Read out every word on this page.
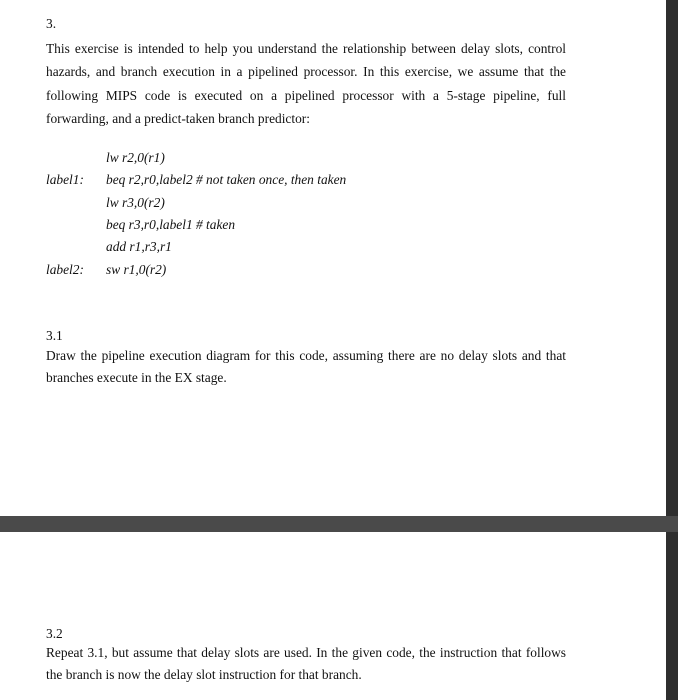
3.
This exercise is intended to help you understand the relationship between delay slots, control hazards, and branch execution in a pipelined processor. In this exercise, we assume that the following MIPS code is executed on a pipelined processor with a 5-stage pipeline, full forwarding, and a predict-taken branch predictor:
label1:
label2:
lw r2,0(r1)
beq r2,r0,label2 # not taken once, then taken
lw r3,0(r2)
beq r3,r0,label1 # taken
add r1,r3,r1
sw r1,0(r2)
3.1
Draw the pipeline execution diagram for this code, assuming there are no delay slots and that branches execute in the EX stage.
3.2
Repeat 3.1, but assume that delay slots are used. In the given code, the instruction that follows the branch is now the delay slot instruction for that branch.
